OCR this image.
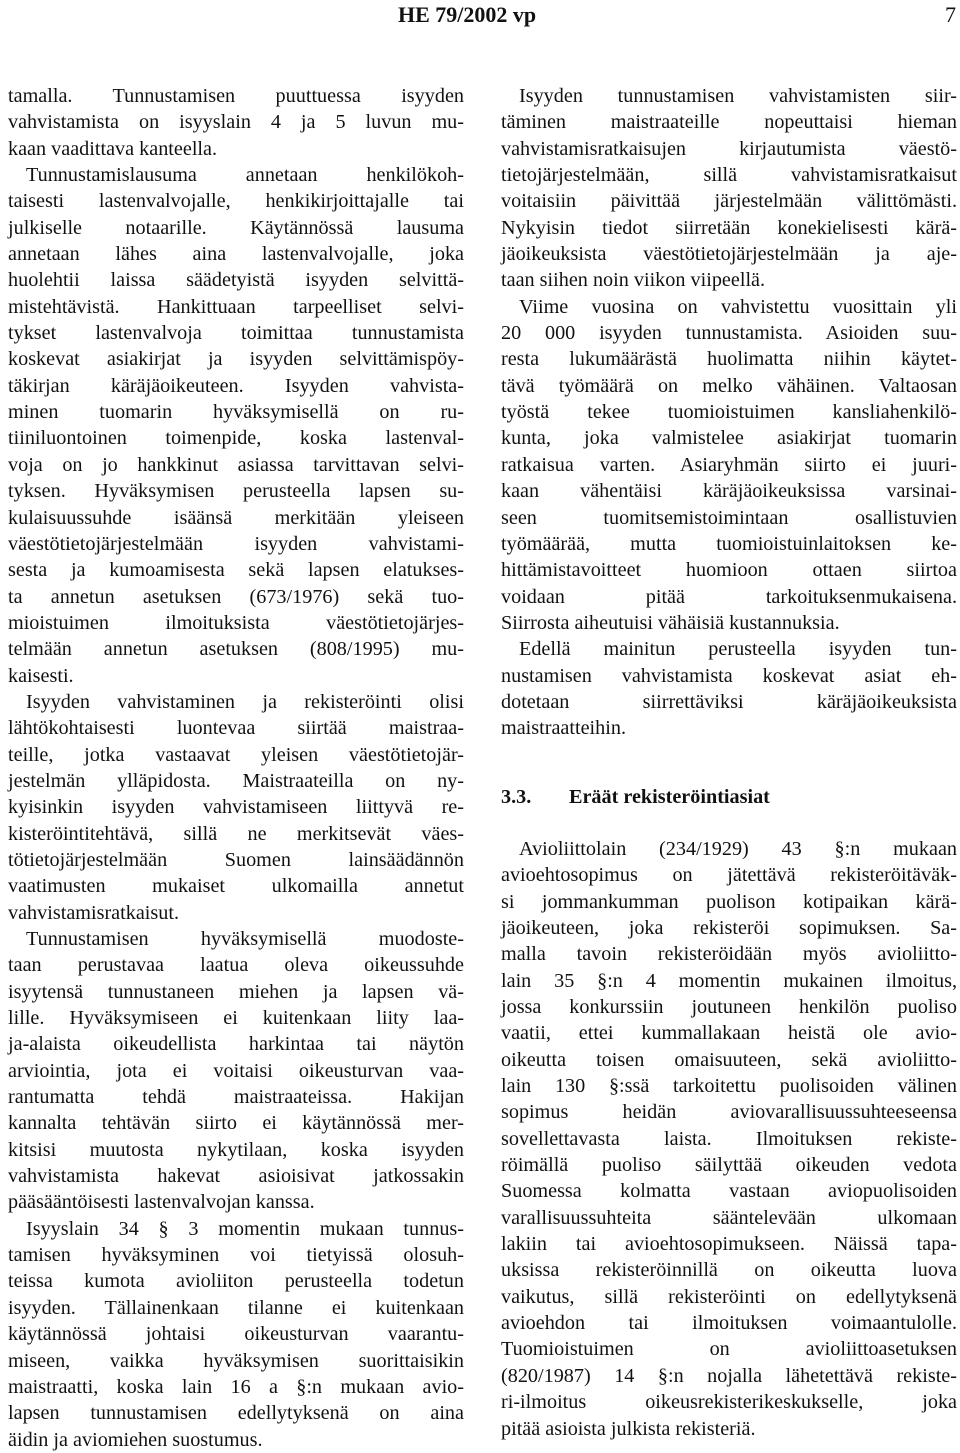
HE 79/2002 vp	7
tamalla. Tunnustamisen puuttuessa isyyden
vahvistamista on isyyslain 4 ja 5 luvun mu-
kaan vaadittava kanteella.
Tunnustamislausuma annetaan henkilökoh-
taisesti lastenvalvojalle, henkikirjoittajalle tai
julkiselle notaarille. Käytännössä lausuma
annetaan lähes aina lastenvalvojalle, joka
huolehtii laissa säädetyistä isyyden selvittä-
mistehtävistä. Hankittuaan tarpeelliset selvi-
tykset lastenvalvoja toimittaa tunnustamista
koskevat asiakirjat ja isyyden selvittämispöy-
täkirjan käräjäoikeuteen. Isyyden vahvista-
minen tuomarin hyväksymisellä on ru-
tiiniluontoinen toimenpide, koska lastenval-
voja on jo hankkinut asiassa tarvittavan selvi-
tyksen. Hyväksymisen perusteella lapsen su-
kulaisuussuhde isäänsä merkitään yleiseen
väestötietojärjestelmään isyyden vahvistami-
sesta ja kumoamisesta sekä lapsen elatukses-
ta annetun asetuksen (673/1976) sekä tuo-
mioistuimen ilmoituksista väestötietojärjes-
telmään annetun asetuksen (808/1995) mu-
kaisesti.
Isyyden vahvistaminen ja rekisteröinti olisi
lähtökohtaisesti luontevaa siirtää maistraa-
teille, jotka vastaavat yleisen väestötietojär-
jestelmän ylläpidosta. Maistraateilla on ny-
kyisinkin isyyden vahvistamiseen liittyvä re-
kisteröintitehtävä, sillä ne merkitsevät väes-
tötietojärjestelmään Suomen lainsäädännön
vaatimusten mukaiset ulkomailla annetut
vahvistamisratkaisut.
Tunnustamisen hyväksymisellä muodoste-
taan perustavaa laatua oleva oikeussuhde
isyytensä tunnustaneen miehen ja lapsen vä-
lille. Hyväksymiseen ei kuitenkaan liity laa-
ja-alaista oikeudellista harkintaa tai näytön
arviointia, jota ei voitaisi oikeusturvan vaa-
rantumatta tehdä maistraateissa. Hakijan
kannalta tehtävän siirto ei käytännössä mer-
kitsisi muutosta nykytilaan, koska isyyden
vahvistamista hakevat asioisivat jatkossakin
pääsääntöisesti lastenvalvojan kanssa.
Isyyslain 34 § 3 momentin mukaan tunnus-
tamisen hyväksyminen voi tietyissä olosuh-
teissa kumota avioliiton perusteella todetun
isyyden. Tällainenkaan tilanne ei kuitenkaan
käytännössä johtaisi oikeusturvan vaarantu-
miseen, vaikka hyväksymisen suorittaisikin
maistraatti, koska lain 16 a §:n mukaan avio-
lapsen tunnustamisen edellytyksenä on aina
äidin ja aviomiehen suostumus.
Isyyden tunnustamisen vahvistamisten siir-
täminen maistraateille nopeuttaisi hieman
vahvistamisratkaisujen kirjautumista väestö-
tietojärjestelmään, sillä vahvistamisratkaisut
voitaisiin päivittää järjestelmään välittömästi.
Nykyisin tiedot siirretään konekielisesti kärä-
jäoikeuksista väestötietojärjestelmään ja aje-
taan siihen noin viikon viipeellä.
Viime vuosina on vahvistettu vuosittain yli
20 000 isyyden tunnustamista. Asioiden suu-
resta lukumäärästä huolimatta niihin käytet-
tävä työmäärä on melko vähäinen. Valtaosan
työstä tekee tuomioistuimen kansliahenkilö-
kunta, joka valmistelee asiakirjat tuomarin
ratkaisua varten. Asiaryhmän siirto ei juuri-
kaan vähentäisi käräjäoikeuksissa varsinai-
seen tuomitsemistoimintaan osallistuvien
työmäärää, mutta tuomioistuinlaitoksen ke-
hittämistavoitteet huomioon ottaen siirtoa
voidaan pitää tarkoituksenmukaisena.
Siirrosta aiheutuisi vähäisiä kustannuksia.
Edellä mainitun perusteella isyyden tun-
nustamisen vahvistamista koskevat asiat eh-
dotetaan siirrettäviksi käräjäoikeuksista
maistraatteihin.
3.3. Eräät rekisteröintiasiat
Avioliittolain (234/1929) 43 §:n mukaan
avioehtosopimus on jätettävä rekisteröitäväk-
si jommankumman puolison kotipaikan kärä-
jäoikeuteen, joka rekisteröi sopimuksen. Sa-
malla tavoin rekisteröidään myös avioliitto-
lain 35 §:n 4 momentin mukainen ilmoitus,
jossa konkurssiin joutuneen henkilön puoliso
vaatii, ettei kummallakaan heistä ole avio-
oikeutta toisen omaisuuteen, sekä avioliitto-
lain 130 §:ssä tarkoitettu puolisoiden välinen
sopimus heidän aviovarallisuussuhteeseensa
sovellettavasta laista. Ilmoituksen rekiste-
röimällä puoliso säilyttää oikeuden vedota
Suomessa kolmatta vastaan aviopuolisoiden
varallisuussuhteita sääntelevään ulkomaan
lakiin tai avioehtosopimukseen. Näissä tapa-
uksissa rekisteröinnillä on oikeutta luova
vaikutus, sillä rekisteröinti on edellytyksenä
avioehdon tai ilmoituksen voimaantulolle.
Tuomioistuimen on avioliittoasetuksen
(820/1987) 14 §:n nojalla lähetettävä rekiste-
ri-ilmoitus oikeusrekisterikeskukselle, joka
pitää asioista julkista rekisteriä.
